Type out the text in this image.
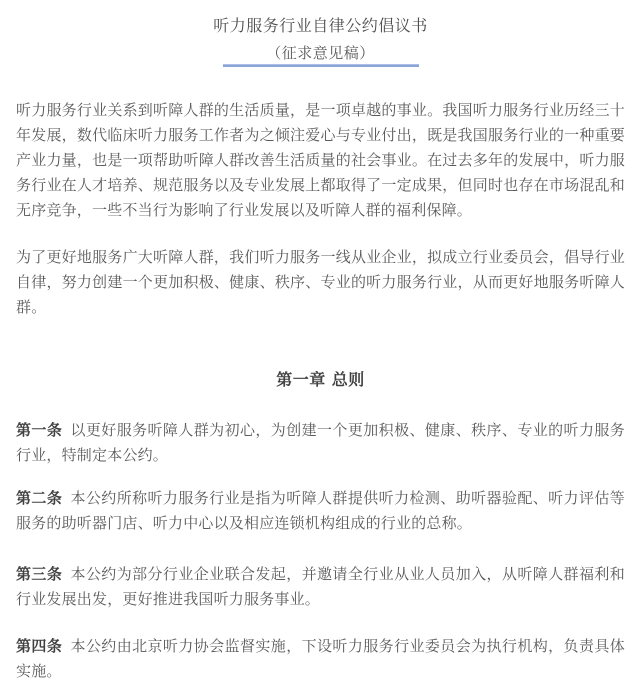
听力服务行业自律公约倡议书
（征求意见稿）

听力服务行业关系到听障人群的生活质量，是一项卓越的事业。我国听力服务行业历经三十年发展，数代临床听力服务工作者为之倾注爱心与专业付出，既是我国服务行业的一种重要产业力量，也是一项帮助听障人群改善生活质量的社会事业。在过去多年的发展中，听力服务行业在人才培养、规范服务以及专业发展上都取得了一定成果，但同时也存在市场混乱和无序竞争，一些不当行为影响了行业发展以及听障人群的福利保障。

为了更好地服务广大听障人群，我们听力服务一线从业企业，拟成立行业委员会，倡导行业自律，努力创建一个更加积极、健康、秩序、专业的听力服务行业，从而更好地服务听障人群。

第一章 总则

第一条 以更好服务听障人群为初心，为创建一个更加积极、健康、秩序、专业的听力服务行业，特制定本公约。

第二条 本公约所称听力服务行业是指为听障人群提供听力检测、助听器验配、听力评估等服务的助听器门店、听力中心以及相应连锁机构组成的行业的总称。

第三条 本公约为部分行业企业联合发起，并邀请全行业从业人员加入，从听障人群福利和行业发展出发，更好推进我国听力服务事业。

第四条 本公约由北京听力协会监督实施，下设听力服务行业委员会为执行机构，负责具体实施。
